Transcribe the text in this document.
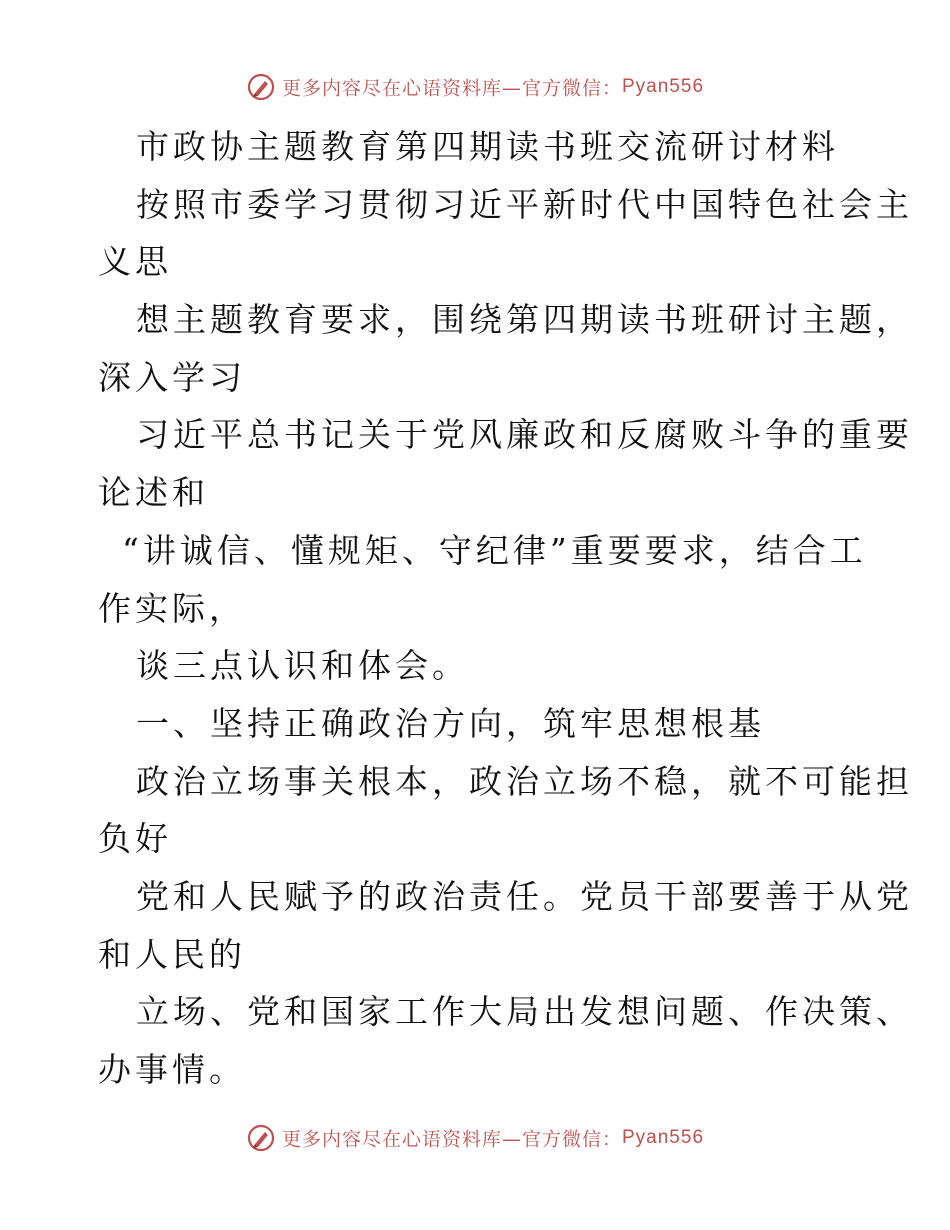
更多内容尽在心语资料库—官方微信：Pyan556
市政协主题教育第四期读书班交流研讨材料
按照市委学习贯彻习近平新时代中国特色社会主
义思
想主题教育要求，围绕第四期读书班研讨主题，
深入学习
习近平总书记关于党风廉政和反腐败斗争的重要
论述和
“讲诚信、懂规矩、守纪律”重要要求，结合工
作实际，
谈三点认识和体会。
一、坚持正确政治方向，筑牢思想根基
政治立场事关根本，政治立场不稳，就不可能担
负好
党和人民赋予的政治责任。党员干部要善于从党
和人民的
立场、党和国家工作大局出发想问题、作决策、
办事情。
更多内容尽在心语资料库—官方微信：Pyan556
